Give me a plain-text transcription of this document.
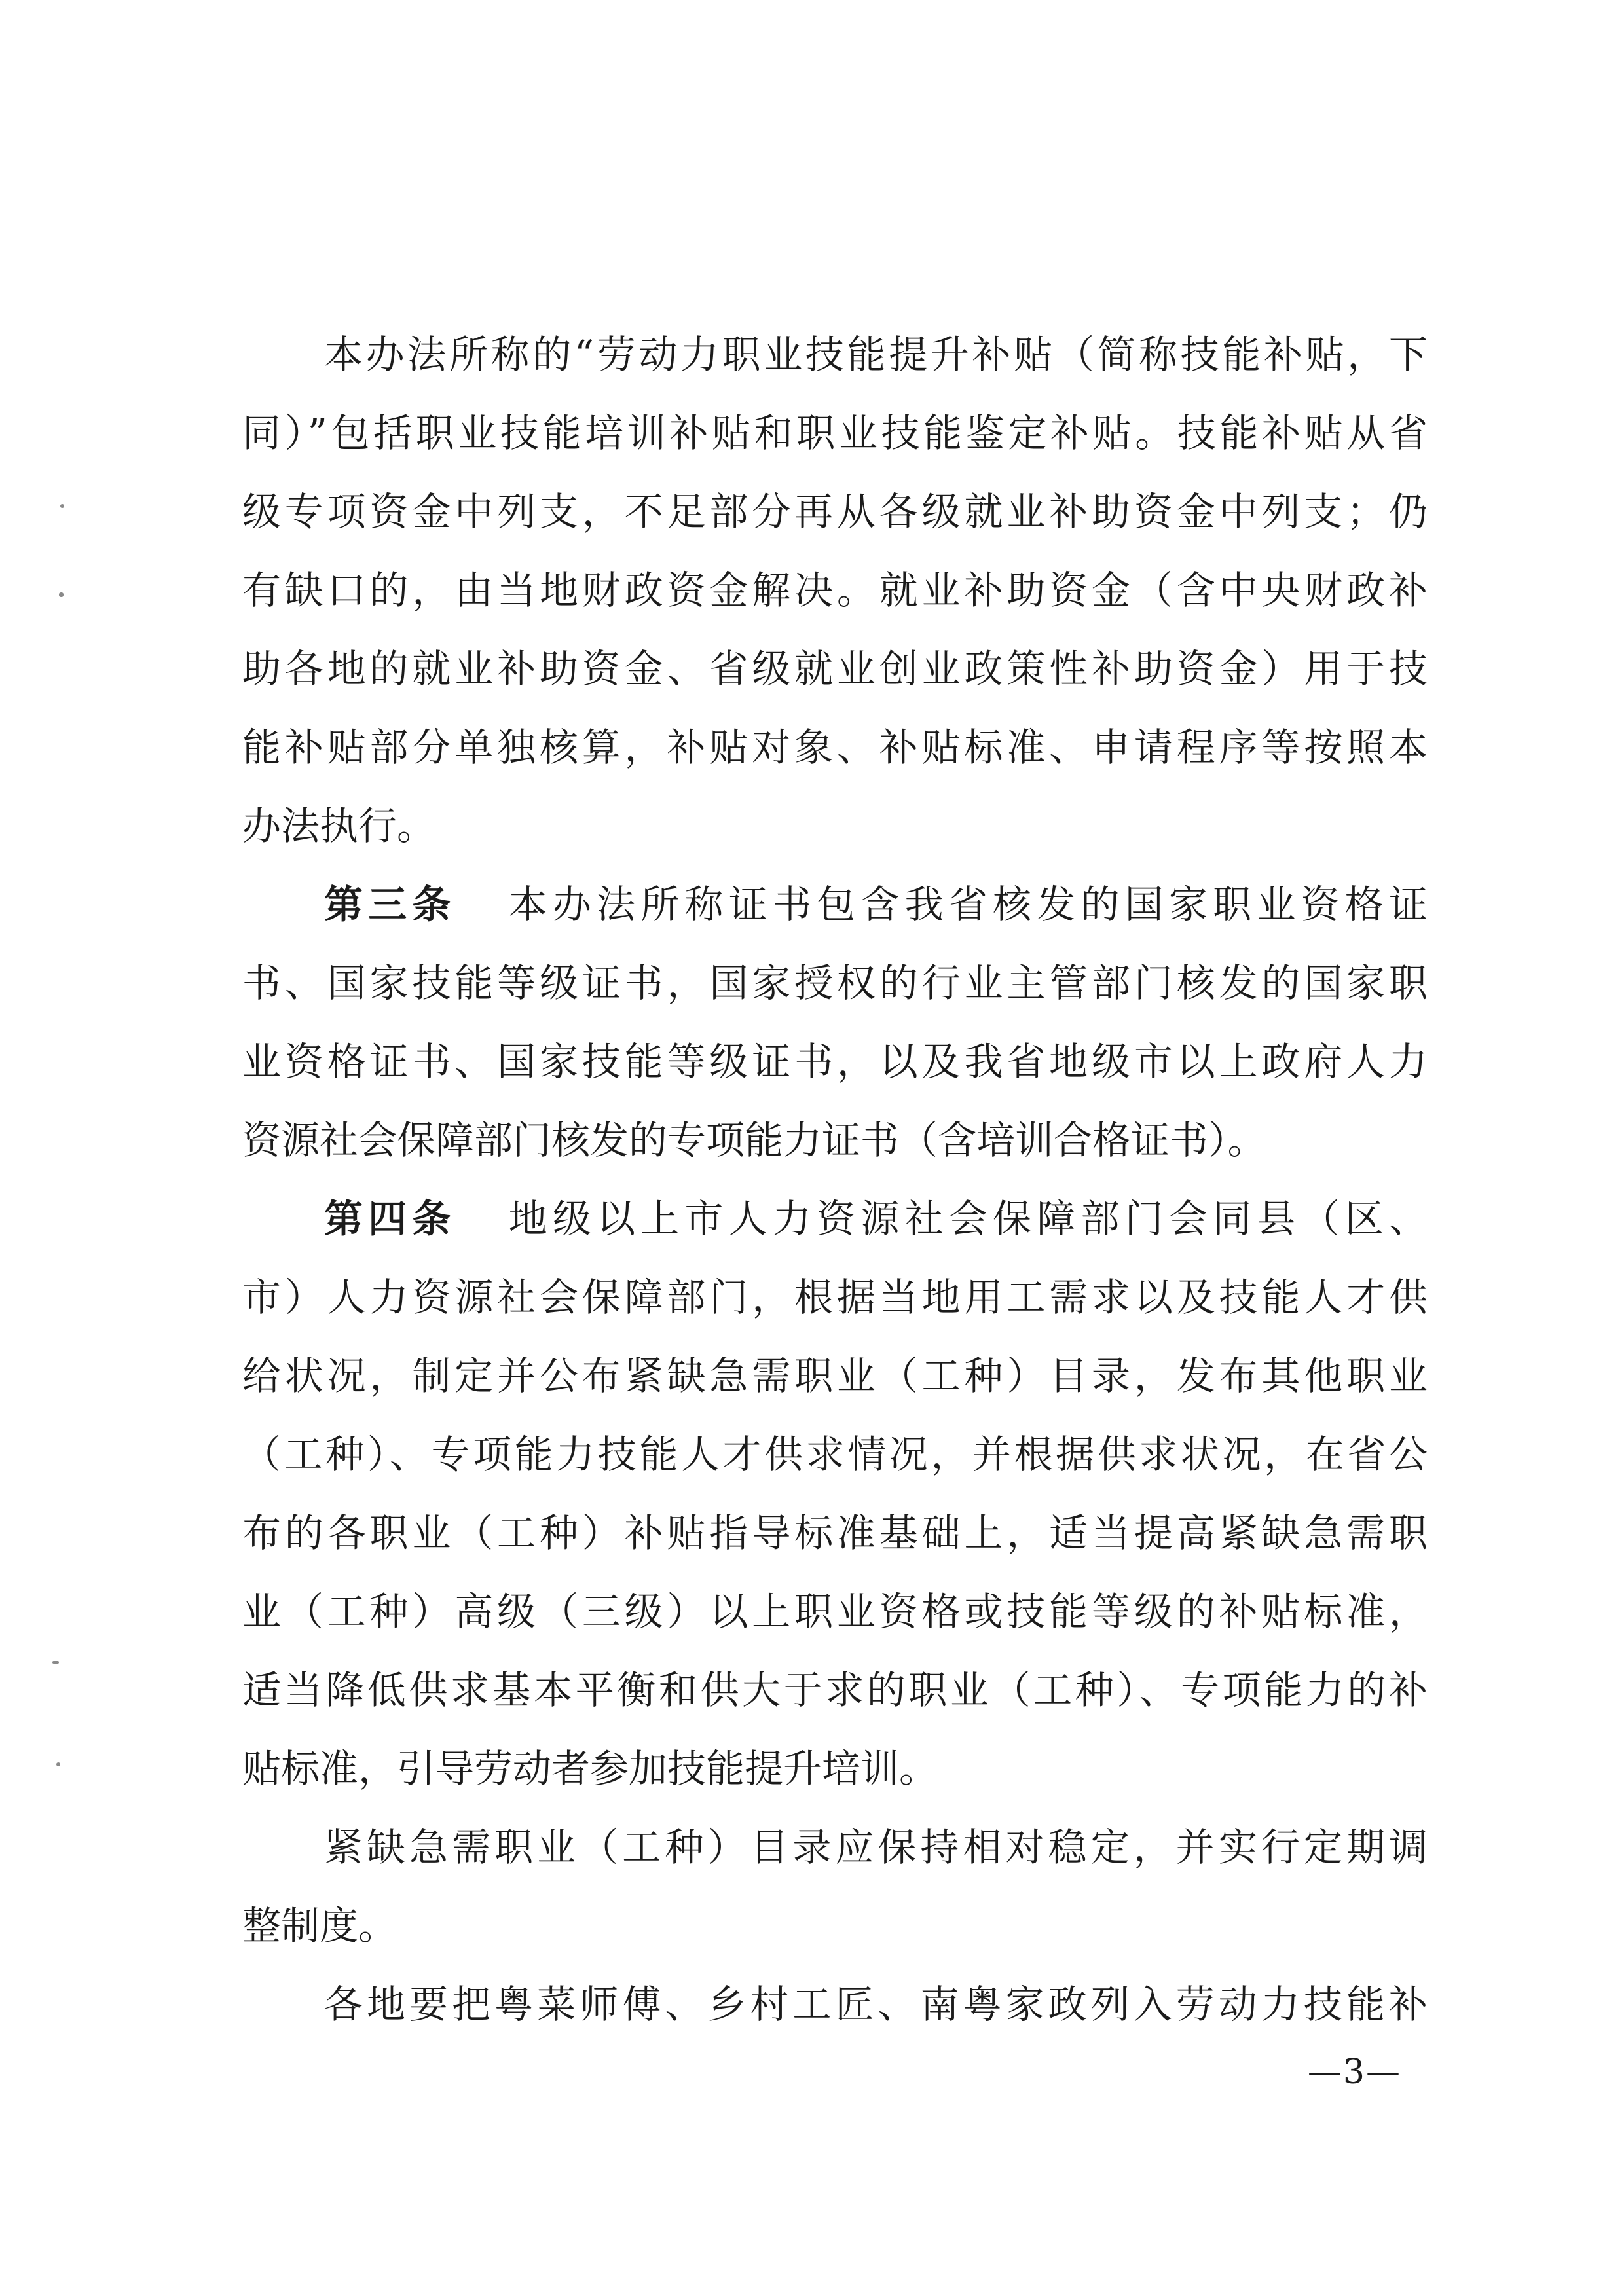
本办法所称的“劳动力职业技能提升补贴（简称技能补贴，下
同）”包括职业技能培训补贴和职业技能鉴定补贴。技能补贴从省
级专项资金中列支，不足部分再从各级就业补助资金中列支；仍
有缺口的，由当地财政资金解决。就业补助资金（含中央财政补
助各地的就业补助资金、省级就业创业政策性补助资金）用于技
能补贴部分单独核算，补贴对象、补贴标准、申请程序等按照本
办法执行。
第三条 本办法所称证书包含我省核发的国家职业资格证
书、国家技能等级证书，国家授权的行业主管部门核发的国家职
业资格证书、国家技能等级证书，以及我省地级市以上政府人力
资源社会保障部门核发的专项能力证书（含培训合格证书）。
第四条 地级以上市人力资源社会保障部门会同县（区、
市）人力资源社会保障部门，根据当地用工需求以及技能人才供
给状况，制定并公布紧缺急需职业（工种）目录，发布其他职业
（工种）、专项能力技能人才供求情况，并根据供求状况，在省公
布的各职业（工种）补贴指导标准基础上，适当提高紧缺急需职
业（工种）高级（三级）以上职业资格或技能等级的补贴标准，
适当降低供求基本平衡和供大于求的职业（工种）、专项能力的补
贴标准，引导劳动者参加技能提升培训。
紧缺急需职业（工种）目录应保持相对稳定，并实行定期调
整制度。
各地要把粤菜师傅、乡村工匠、南粤家政列入劳动力技能补
—3—
